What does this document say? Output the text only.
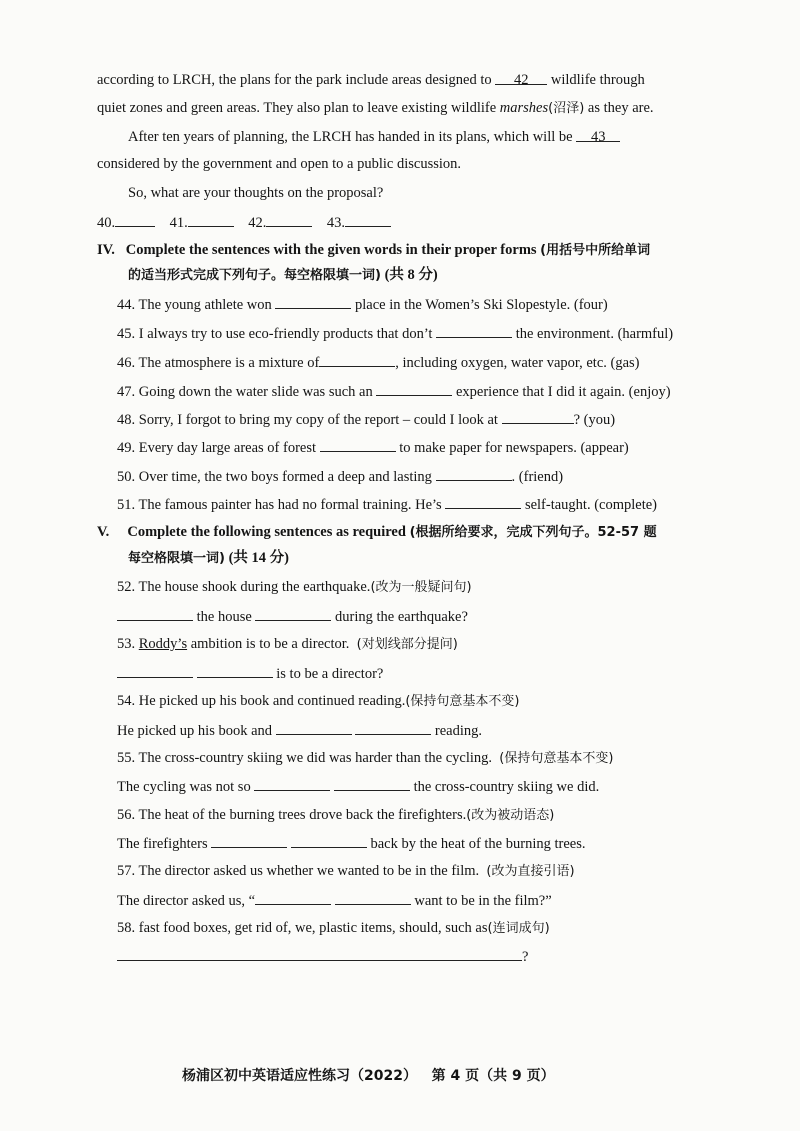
according to LRCH, the plans for the park include areas designed to 42 wildlife through
quiet zones and green areas. They also plan to leave existing wildlife marshes(沼泽) as they are.
After ten years of planning, the LRCH has handed in its plans, which will be 43
considered by the government and open to a public discussion.
So, what are your thoughts on the proposal?
40.	41.	42.	43.
IV. Complete the sentences with the given words in their proper forms (用括号中所给单词
的适当形式完成下列句子。每空格限填一词) (共 8 分)
44. The young athlete won	place in the Women’s Ski Slopestyle. (four)
45. I always try to use eco-friendly products that don’t	the environment. (harmful)
46. The atmosphere is a mixture of	, including oxygen, water vapor, etc. (gas)
47. Going down the water slide was such an	experience that I did it again. (enjoy)
48. Sorry, I forgot to bring my copy of the report – could I look at	? (you)
49. Every day large areas of forest	to make paper for newspapers. (appear)
50. Over time, the two boys formed a deep and lasting	. (friend)
51. The famous painter has had no formal training. He’s	self-taught. (complete)
V. Complete the following sentences as required (根据所给要求，完成下列句子。52-57 题
每空格限填一词) (共 14 分)
52. The house shook during the earthquake.(改为一般疑问句)
the house	during the earthquake?
53. Roddy’s ambition is to be a director. (对划线部分提问)
is to be a director?
54. He picked up his book and continued reading.(保持句意基本不变)
He picked up his book and	reading.
55. The cross-country skiing we did was harder than the cycling. (保持句意基本不变)
The cycling was not so	the cross-country skiing we did.
56. The heat of the burning trees drove back the firefighters.(改为被动语态)
The firefighters	back by the heat of the burning trees.
57. The director asked us whether we wanted to be in the film. (改为直接引语)
The director asked us, “	want to be in the film?”
58. fast food boxes, get rid of, we, plastic items, should, such as(连词成句)
?
杨浦区初中英语适应性练习（2022） 第 4 页（共 9 页）
